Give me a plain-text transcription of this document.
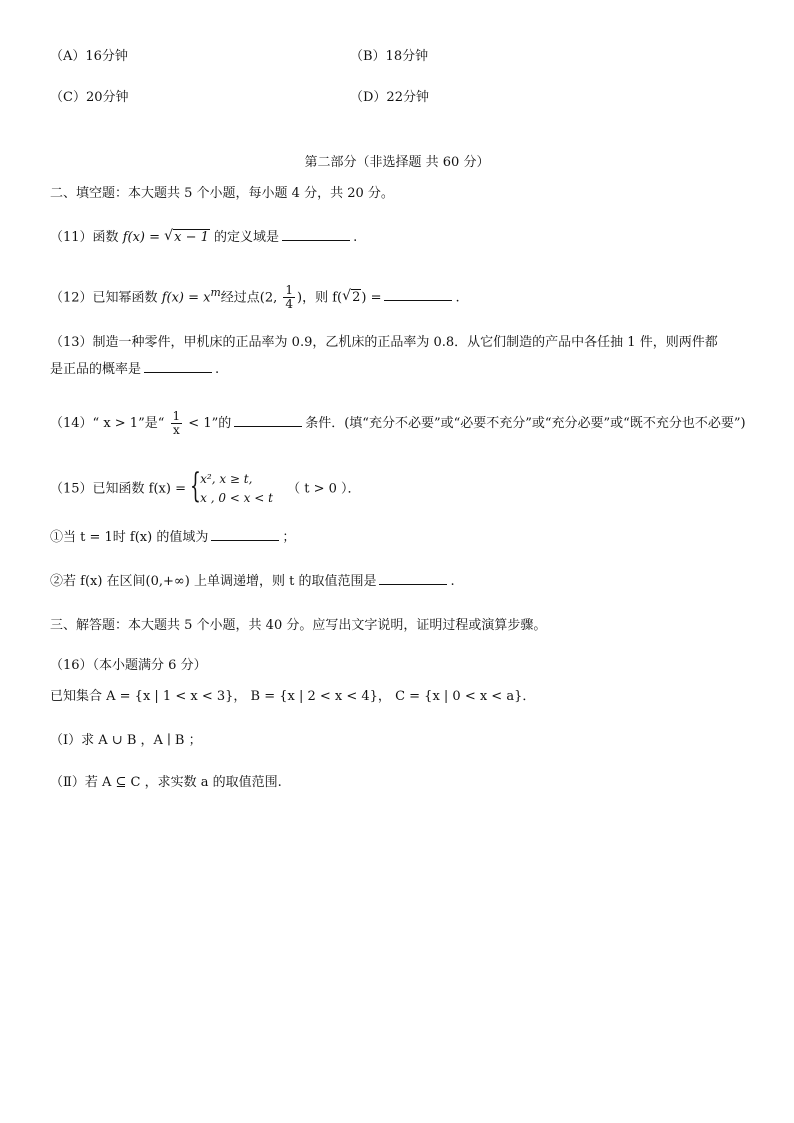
（A）16分钟	（B）18分钟
（C）20分钟	（D）22分钟
第二部分（非选择题 共 60 分）
二、填空题：本大题共 5 个小题，每小题 4 分，共 20 分。
（11）函数 f(x) = √ x − 1 的定义域是	.
（12）已知幂函数 $f(x) = x^m$经过点(2, $\frac{1}{4}$ )，则 f( √ 2) =	.
（13）制造一种零件，甲机床的正品率为 0.9，乙机床的正品率为 0.8．从它们制造的产品中各任抽 1 件，则两件都
是正品的概率是	.
（14）“ x > 1”是“ $\frac{1}{x} < 1$”的	条件．(填“充分不必要”或“必要不充分”或“充分必要”或“既不充分也不必要”)
（15）已知函数 f(x) = { x², x ≥ t,
x , 0 < x < t
（ t > 0 ）．
①当 t = 1时 f(x) 的值域为	；
②若 f(x) 在区间(0,+∞) 上单调递增，则 t 的取值范围是	.
三、解答题：本大题共 5 个小题，共 40 分。应写出文字说明，证明过程或演算步骤。
（16）（本小题满分 6 分）
已知集合 A = {x | 1 < x < 3}， B = {x | 2 < x < 4}， C = {x | 0 < x < a}．
（Ⅰ）求 A ∪ B ，A ∣ B ；
（Ⅱ）若 A ⊆ C ，求实数 a 的取值范围.
